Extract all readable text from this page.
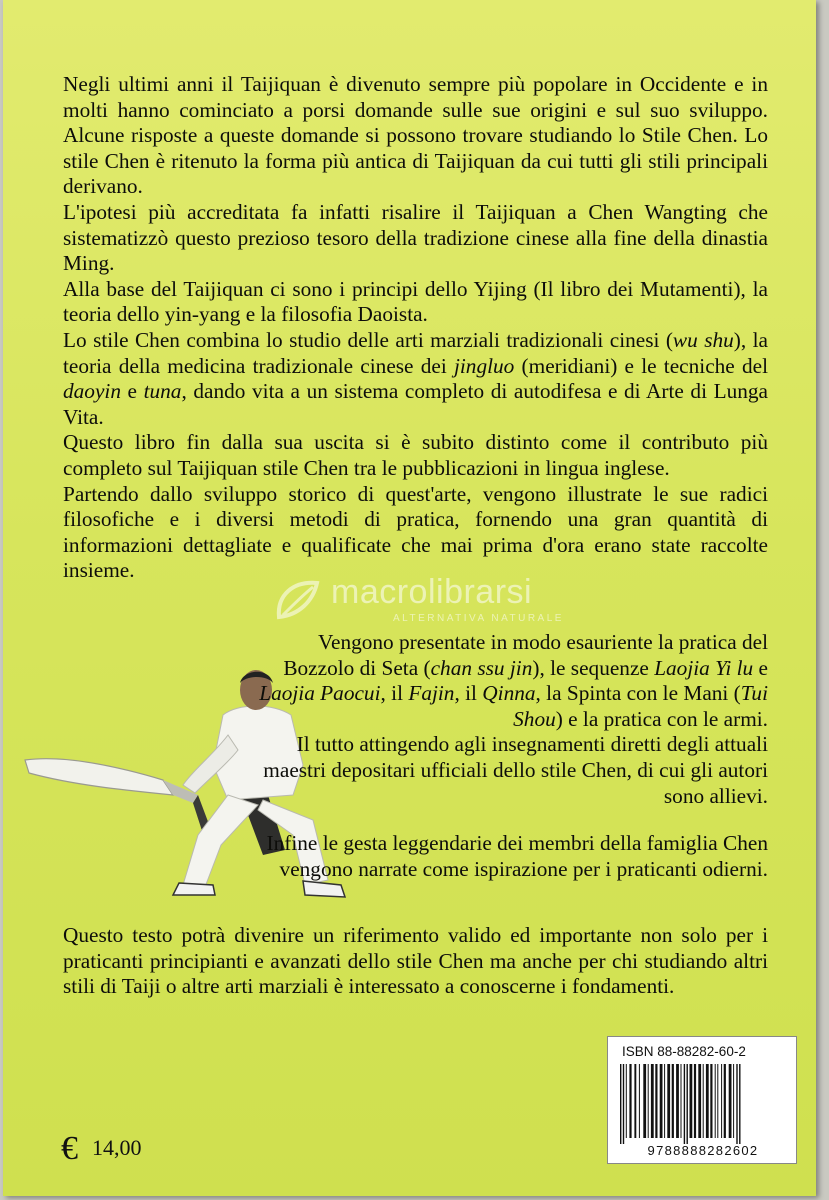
Negli ultimi anni il Taijiquan è divenuto sempre più popolare in Occidente e in molti hanno cominciato a porsi domande sulle sue origini e sul suo sviluppo. Alcune risposte a queste domande si possono trovare studiando lo Stile Chen. Lo stile Chen è ritenuto la forma più antica di Taijiquan da cui tutti gli stili principali derivano.

L'ipotesi più accreditata fa infatti risalire il Taijiquan a Chen Wangting che sistematizzò questo prezioso tesoro della tradizione cinese alla fine della dinastia Ming.

Alla base del Taijiquan ci sono i principi dello Yijing (Il libro dei Mutamenti), la teoria dello yin-yang e la filosofia Daoista.

Lo stile Chen combina lo studio delle arti marziali tradizionali cinesi (wu shu), la teoria della medicina tradizionale cinese dei jingluo (meridiani) e le tecniche del daoyin e tuna, dando vita a un sistema completo di autodifesa e di Arte di Lunga Vita.

Questo libro fin dalla sua uscita si è subito distinto come il contributo più completo sul Taijiquan stile Chen tra le pubblicazioni in lingua inglese.

Partendo dallo sviluppo storico di quest'arte, vengono illustrate le sue radici filosofiche e i diversi metodi di pratica, fornendo una gran quantità di informazioni dettagliate e qualificate che mai prima d'ora erano state raccolte insieme.

macrolibrarsi
ALTERNATIVA NATURALE

Vengono presentate in modo esauriente la pratica del Bozzolo di Seta (chan ssu jin), le sequenze Laojia Yi lu e Laojia Paocui, il Fajin, il Qinna, la Spinta con le Mani (Tui Shou) e la pratica con le armi.

Il tutto attingendo agli insegnamenti diretti degli attuali maestri depositari ufficiali dello stile Chen, di cui gli autori sono allievi.

Infine le gesta leggendarie dei membri della famiglia Chen vengono narrate come ispirazione per i praticanti odierni.

Questo testo potrà divenire un riferimento valido ed importante non solo per i praticanti principianti e avanzati dello stile Chen ma anche per chi studiando altri stili di Taiji o altre arti marziali è interessato a conoscerne i fondamenti.

€ 14,00
ISBN 88-88282-60-2
9788888282602
